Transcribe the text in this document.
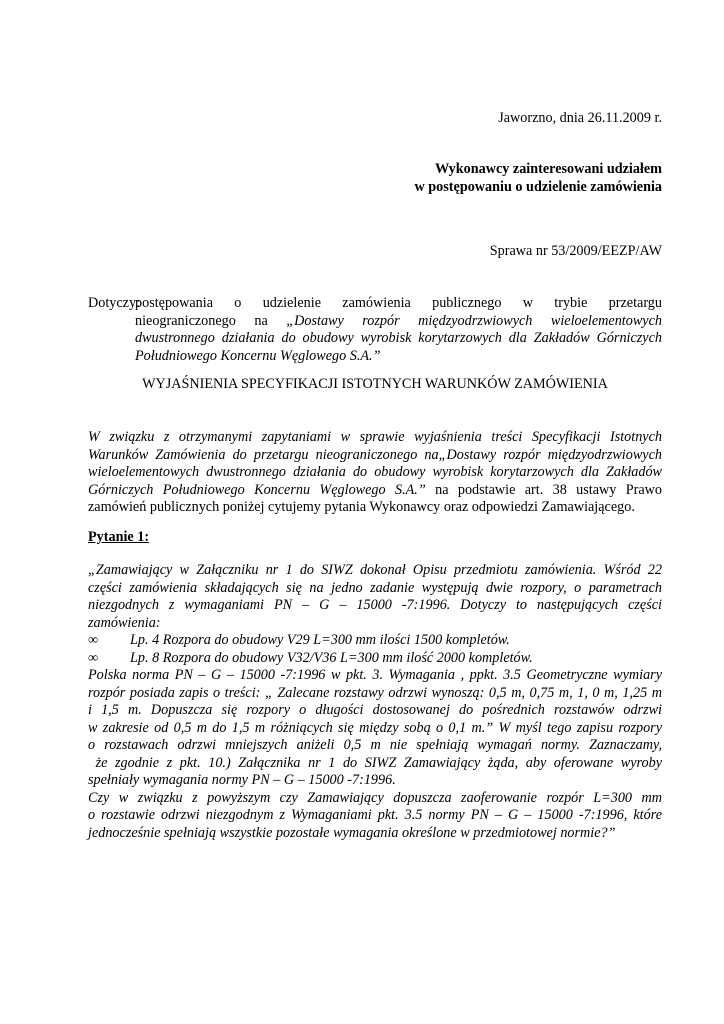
Jaworzno, dnia 26.11.2009 r.
Wykonawcy zainteresowani udziałem
w postępowaniu o udzielenie zamówienia
Sprawa nr 53/2009/EEZP/AW
Dotyczy:
postępowania o udzielenie zamówienia publicznego w trybie przetargu
nieograniczonego na „Dostawy rozpór międzyodrzwiowych wieloelementowych
dwustronnego działania do obudowy wyrobisk korytarzowych dla Zakładów Górniczych
Południowego Koncernu Węglowego S.A.”
WYJAŚNIENIA SPECYFIKACJI ISTOTNYCH WARUNKÓW ZAMÓWIENIA
W związku z otrzymanymi zapytaniami w sprawie wyjaśnienia treści Specyfikacji Istotnych
Warunków Zamówienia do przetargu nieograniczonego na„Dostawy rozpór międzyodrzwiowych
wieloelementowych dwustronnego działania do obudowy wyrobisk korytarzowych dla Zakładów
Górniczych Południowego Koncernu Węglowego S.A.” na podstawie art. 38 ustawy Prawo
zamówień publicznych poniżej cytujemy pytania Wykonawcy oraz odpowiedzi Zamawiającego.
Pytanie 1:
„Zamawiający w Załączniku nr 1 do SIWZ dokonał Opisu przedmiotu zamówienia. Wśród 22
części zamówienia składających się na jedno zadanie występują dwie rozpory, o parametrach
niezgodnych z wymaganiami PN – G – 15000 -7:1996. Dotyczy to następujących części
zamówienia:
∞	Lp. 4 Rozpora do obudowy V29 L=300 mm ilości 1500 kompletów.
∞	Lp. 8 Rozpora do obudowy V32/V36 L=300 mm ilość 2000 kompletów.
Polska norma PN – G – 15000 -7:1996 w pkt. 3. Wymagania , ppkt. 3.5 Geometryczne wymiary
rozpór posiada zapis o treści: „ Zalecane rozstawy odrzwi wynoszą: 0,5 m, 0,75 m, 1, 0 m, 1,25 m
i 1,5 m. Dopuszcza się rozpory o długości dostosowanej do pośrednich rozstawów odrzwi
w zakresie od 0,5 m do 1,5 m różniących się między sobą o 0,1 m.” W myśl tego zapisu rozpory
o rozstawach odrzwi mniejszych aniżeli 0,5 m nie spełniają wymagań normy. Zaznaczamy,
że zgodnie z pkt. 10.) Załącznika nr 1 do SIWZ Zamawiający żąda, aby oferowane wyroby
spełniały wymagania normy PN – G – 15000 -7:1996.
Czy w związku z powyższym czy Zamawiający dopuszcza zaoferowanie rozpór L=300 mm
o rozstawie odrzwi niezgodnym z Wymaganiami pkt. 3.5 normy PN – G – 15000 -7:1996, które
jednocześnie spełniają wszystkie pozostałe wymagania określone w przedmiotowej normie?”
